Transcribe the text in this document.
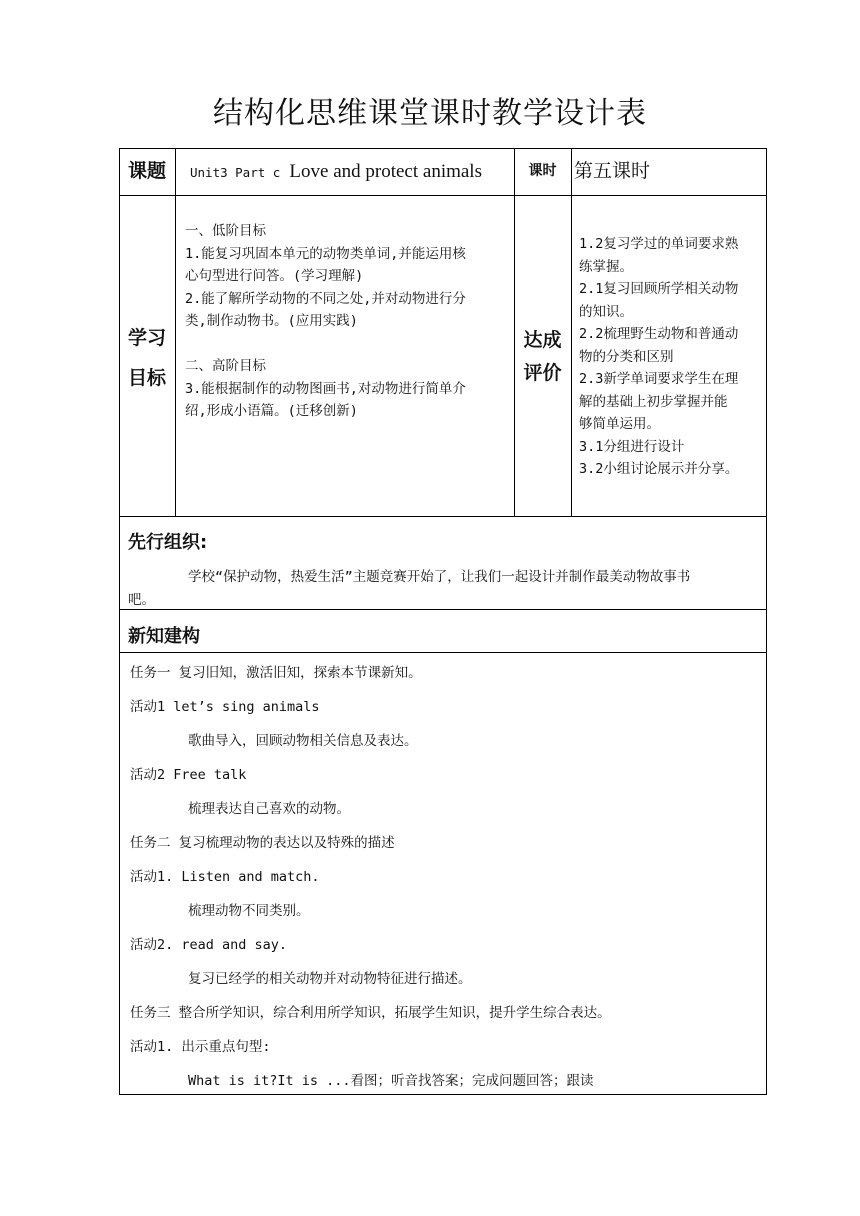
结构化思维课堂课时教学设计表
课题	Unit3 Part c Love and protect animals	课时 第五课时
学习
目标
一、低阶目标
1.能复习巩固本单元的动物类单词,并能运用核
心句型进行问答。(学习理解)
2.能了解所学动物的不同之处,并对动物进行分
类,制作动物书。(应用实践)
二、高阶目标
3.能根据制作的动物图画书,对动物进行简单介
绍,形成小语篇。(迁移创新)
达成
评价
1.2复习学过的单词要求熟
练掌握。
2.1复习回顾所学相关动物
的知识。
2.2梳理野生动物和普通动
物的分类和区别
2.3新学单词要求学生在理
解的基础上初步掌握并能
够简单运用。
3.1分组进行设计
3.2小组讨论展示并分享。
先行组织:
学校“保护动物，热爱生活”主题竞赛开始了，让我们一起设计并制作最美动物故事书
吧。
新知建构
任务一 复习旧知，激活旧知，探索本节课新知。
活动1 let’s sing animals
歌曲导入，回顾动物相关信息及表达。
活动2 Free talk
梳理表达自己喜欢的动物。
任务二 复习梳理动物的表达以及特殊的描述
活动1. Listen and match.
梳理动物不同类别。
活动2. read and say.
复习已经学的相关动物并对动物特征进行描述。
任务三 整合所学知识，综合利用所学知识，拓展学生知识，提升学生综合表达。
活动1. 出示重点句型:
What is it?It is ...看图；听音找答案；完成问题回答；跟读
